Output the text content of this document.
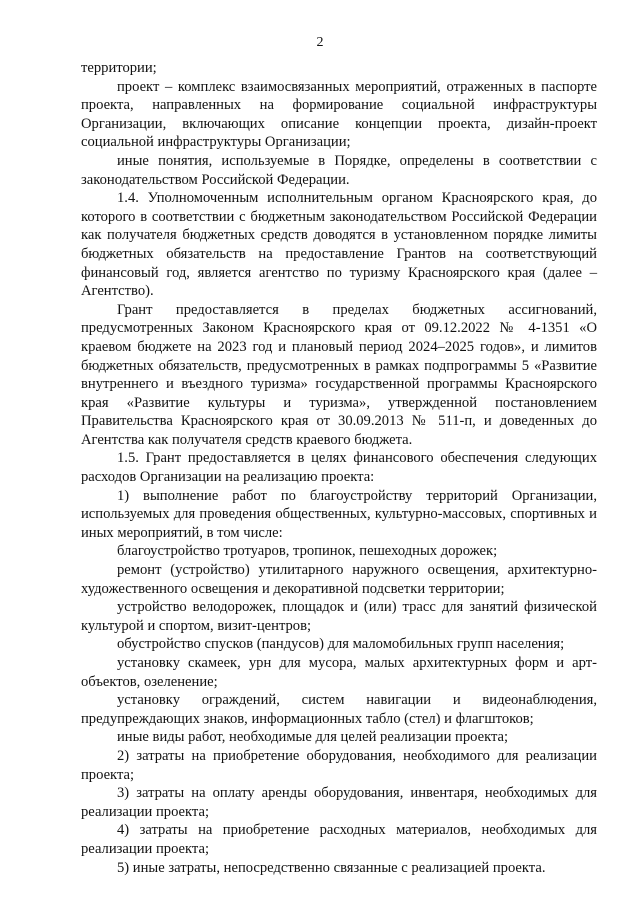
2

территории;

проект – комплекс взаимосвязанных мероприятий, отраженных в паспорте проекта, направленных на формирование социальной инфраструктуры Организации, включающих описание концепции проекта, дизайн-проект социальной инфраструктуры Организации;

иные понятия, используемые в Порядке, определены в соответствии с законодательством Российской Федерации.

1.4. Уполномоченным исполнительным органом Красноярского края, до которого в соответствии с бюджетным законодательством Российской Федерации как получателя бюджетных средств доводятся в установленном порядке лимиты бюджетных обязательств на предоставление Грантов на соответствующий финансовый год, является агентство по туризму Красноярского края (далее – Агентство).

Грант предоставляется в пределах бюджетных ассигнований, предусмотренных Законом Красноярского края от 09.12.2022 № 4-1351 «О краевом бюджете на 2023 год и плановый период 2024–2025 годов», и лимитов бюджетных обязательств, предусмотренных в рамках подпрограммы 5 «Развитие внутреннего и въездного туризма» государственной программы Красноярского края «Развитие культуры и туризма», утвержденной постановлением Правительства Красноярского края от 30.09.2013 № 511-п, и доведенных до Агентства как получателя средств краевого бюджета.

1.5. Грант предоставляется в целях финансового обеспечения следующих расходов Организации на реализацию проекта:

1) выполнение работ по благоустройству территорий Организации, используемых для проведения общественных, культурно-массовых, спортивных и иных мероприятий, в том числе:

благоустройство тротуаров, тропинок, пешеходных дорожек;

ремонт (устройство) утилитарного наружного освещения, архитектурно-художественного освещения и декоративной подсветки территории;

устройство велодорожек, площадок и (или) трасс для занятий физической культурой и спортом, визит-центров;

обустройство спусков (пандусов) для маломобильных групп населения;

установку скамеек, урн для мусора, малых архитектурных форм и арт-объектов, озеленение;

установку ограждений, систем навигации и видеонаблюдения, предупреждающих знаков, информационных табло (стел) и флагштоков;

иные виды работ, необходимые для целей реализации проекта;

2) затраты на приобретение оборудования, необходимого для реализации проекта;

3) затраты на оплату аренды оборудования, инвентаря, необходимых для реализации проекта;

4) затраты на приобретение расходных материалов, необходимых для реализации проекта;

5) иные затраты, непосредственно связанные с реализацией проекта.
